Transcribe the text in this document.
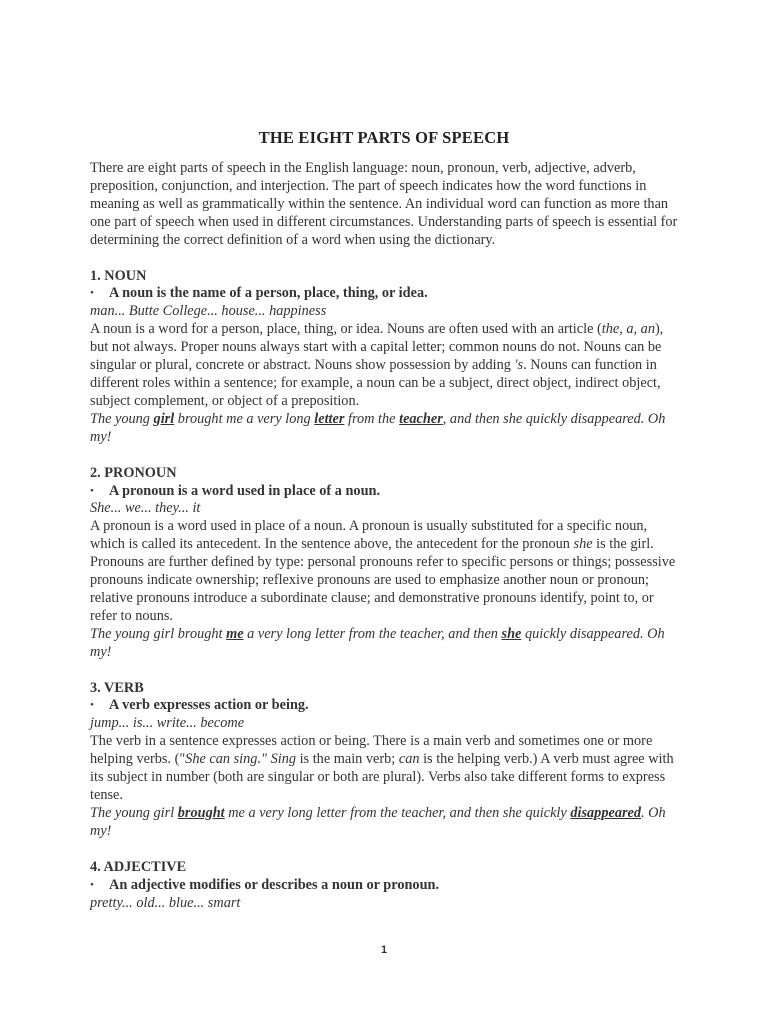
THE EIGHT PARTS OF SPEECH

There are eight parts of speech in the English language: noun, pronoun, verb, adjective, adverb, preposition, conjunction, and interjection. The part of speech indicates how the word functions in meaning as well as grammatically within the sentence. An individual word can function as more than one part of speech when used in different circumstances. Understanding parts of speech is essential for determining the correct definition of a word when using the dictionary.

1. NOUN

•	A noun is the name of a person, place, thing, or idea.

man... Butte College... house... happiness

A noun is a word for a person, place, thing, or idea. Nouns are often used with an article (the, a, an), but not always. Proper nouns always start with a capital letter; common nouns do not. Nouns can be singular or plural, concrete or abstract. Nouns show possession by adding 's. Nouns can function in different roles within a sentence; for example, a noun can be a subject, direct object, indirect object, subject complement, or object of a preposition.

The young girl brought me a very long letter from the teacher, and then she quickly disappeared. Oh my!

2. PRONOUN

•	A pronoun is a word used in place of a noun.

She... we... they... it

A pronoun is a word used in place of a noun. A pronoun is usually substituted for a specific noun, which is called its antecedent. In the sentence above, the antecedent for the pronoun she is the girl. Pronouns are further defined by type: personal pronouns refer to specific persons or things; possessive pronouns indicate ownership; reflexive pronouns are used to emphasize another noun or pronoun; relative pronouns introduce a subordinate clause; and demonstrative pronouns identify, point to, or refer to nouns.

The young girl brought me a very long letter from the teacher, and then she quickly disappeared. Oh my!

3. VERB

•	A verb expresses action or being.

jump... is... write... become

The verb in a sentence expresses action or being. There is a main verb and sometimes one or more helping verbs. ("She can sing." Sing is the main verb; can is the helping verb.) A verb must agree with its subject in number (both are singular or both are plural). Verbs also take different forms to express tense.

The young girl brought me a very long letter from the teacher, and then she quickly disappeared. Oh my!

4. ADJECTIVE

•	An adjective modifies or describes a noun or pronoun.

pretty... old... blue... smart

1
